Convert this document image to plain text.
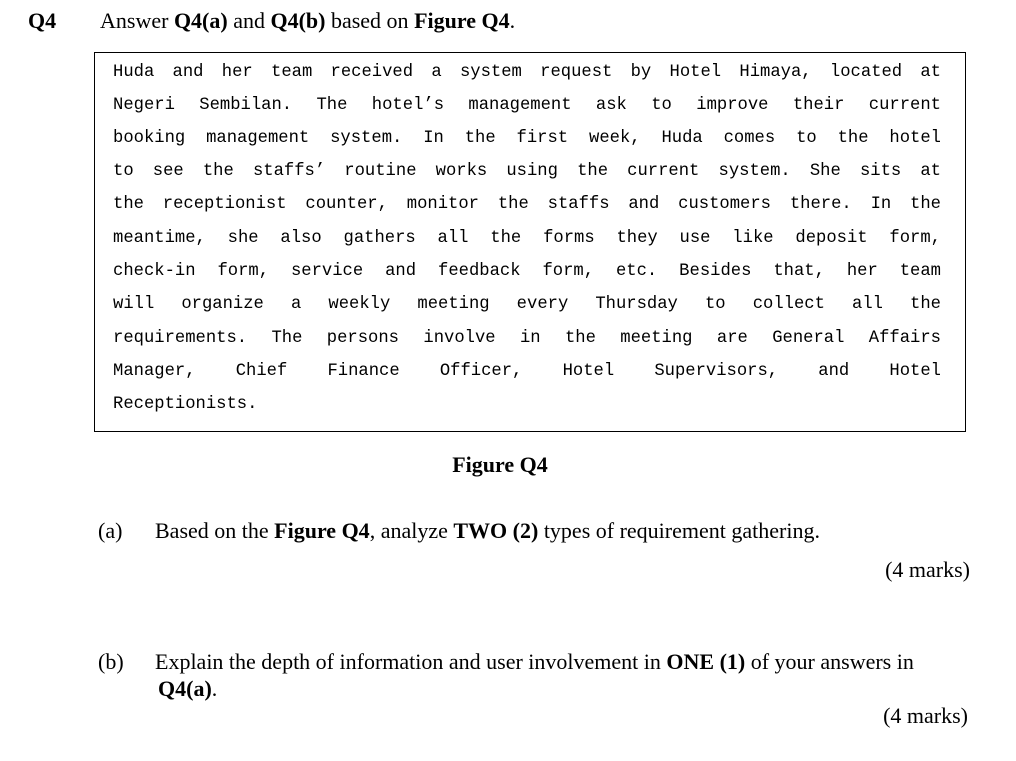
Q4 Answer Q4(a) and Q4(b) based on Figure Q4.
Huda and her team received a system request by Hotel Himaya, located at
Negeri Sembilan. The hotel’s management ask to improve their current
booking management system. In the first week, Huda comes to the hotel
to see the staffs’ routine works using the current system. She sits at
the receptionist counter, monitor the staffs and customers there. In the
meantime, she also gathers all the forms they use like deposit form,
check-in form, service and feedback form, etc. Besides that, her team
will organize a weekly meeting every Thursday to collect all the
requirements. The persons involve in the meeting are General Affairs
Manager, Chief Finance Officer, Hotel Supervisors, and Hotel
Receptionists.
Figure Q4
(a) Based on the Figure Q4, analyze TWO (2) types of requirement gathering.
(4 marks)
(b) Explain the depth of information and user involvement in ONE (1) of your answers in
Q4(a).
(4 marks)
